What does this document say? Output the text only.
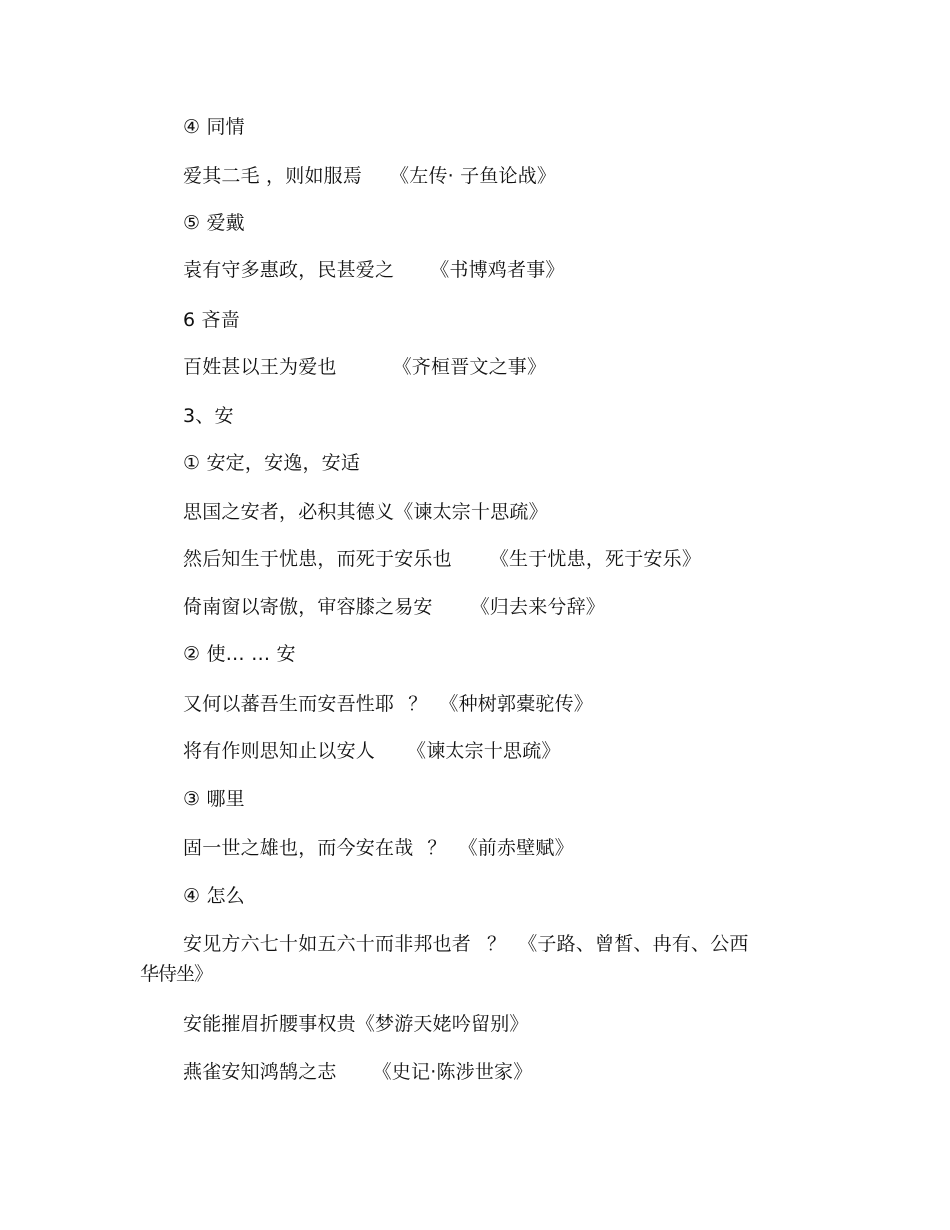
④ 同情
爱其二毛 ，则如服焉 《左传· 子鱼论战》
⑤ 爱戴
袁有守多惠政，民甚爱之 《书博鸡者事》
6 吝啬
百姓甚以王为爱也	《齐桓晋文之事》
3、安
① 安定，安逸，安适
思国之安者，必积其德义《谏太宗十思疏》
然后知生于忧患，而死于安乐也 《生于忧患，死于安乐》
倚南窗以寄傲，审容膝之易安 《归去来兮辞》
② 使… … 安
又何以蕃吾生而安吾性耶 ？ 《种树郭橐驼传》
将有作则思知止以安人 《谏太宗十思疏》
③ 哪里
固一世之雄也，而今安在哉 ？ 《前赤壁赋》
④ 怎么
安见方六七十如五六十而非邦也者 ？ 《子路、曾皙、冉有、公西
华侍坐》
安能摧眉折腰事权贵《梦游天姥吟留别》
燕雀安知鸿鹄之志 《史记·陈涉世家》
